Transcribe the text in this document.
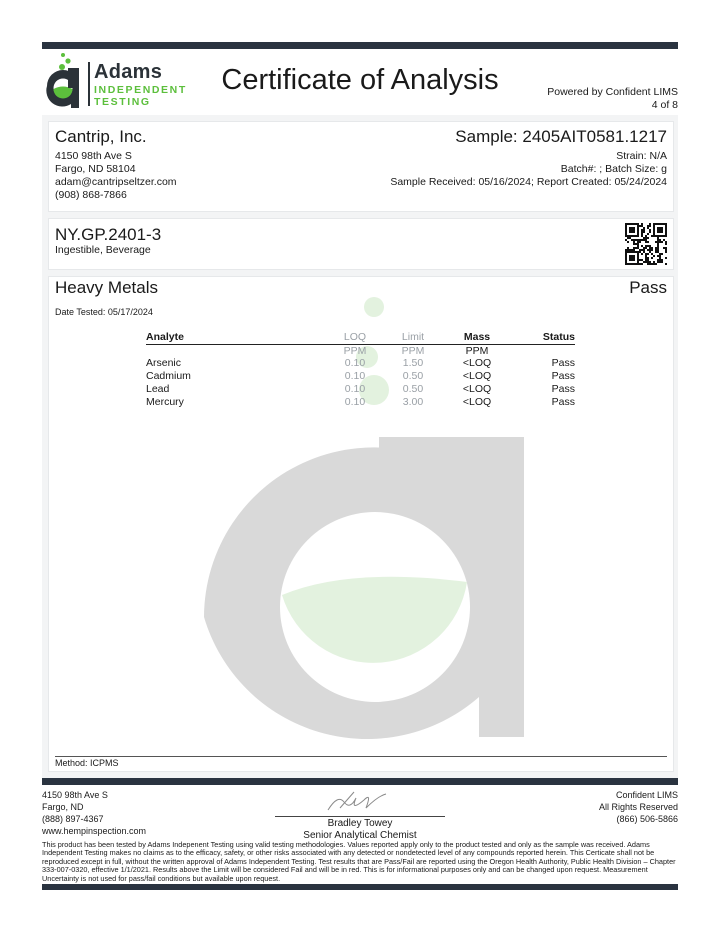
Adams
INDEPENDENT
TESTING
Certificate of Analysis	Powered by Confident LIMS
4 of 8
Cantrip, Inc.
4150 98th Ave S
Fargo, ND 58104
adam@cantripseltzer.com
(908) 868-7866
Sample: 2405AIT0581.1217
Strain: N/A
Batch#: ; Batch Size: g
Sample Received: 05/16/2024; Report Created: 05/24/2024
NY.GP.2401-3
Ingestible, Beverage
Heavy Metals	Pass
Date Tested: 05/17/2024
Analyte	LOQ	Limit	Mass	Status
	PPM	PPM	PPM	
Arsenic	0.10	1.50	<LOQ	Pass
Cadmium	0.10	0.50	<LOQ	Pass
Lead	0.10	0.50	<LOQ	Pass
Mercury	0.10	3.00	<LOQ	Pass
Method: ICPMS
4150 98th Ave S
Fargo, ND
(888) 897-4367
www.hempinspection.com
Confident LIMS
All Rights Reserved
(866) 506-5866
Bradley Towey
Senior Analytical Chemist
This product has been tested by Adams Indepenent Testing using valid testing methodologies. Values reported apply only to the product tested and only as the sample was received. Adams Independent Testing makes no claims as to the efficacy, safety, or other risks associated with any detected or nondetected level of any compounds reported herein. This Certicate shall not be reproduced except in full, without the written approval of Adams Independent Testing. Test results that are Pass/Fail are reported using the Oregon Health Authority, Public Health Division – Chapter 333-007-0320, effective 1/1/2021. Results above the Limit will be considered Fail and will be in red. This is for informational purposes only and can be changed upon request. Measurement Uncertainty is not used for pass/fail conditions but available upon request.
